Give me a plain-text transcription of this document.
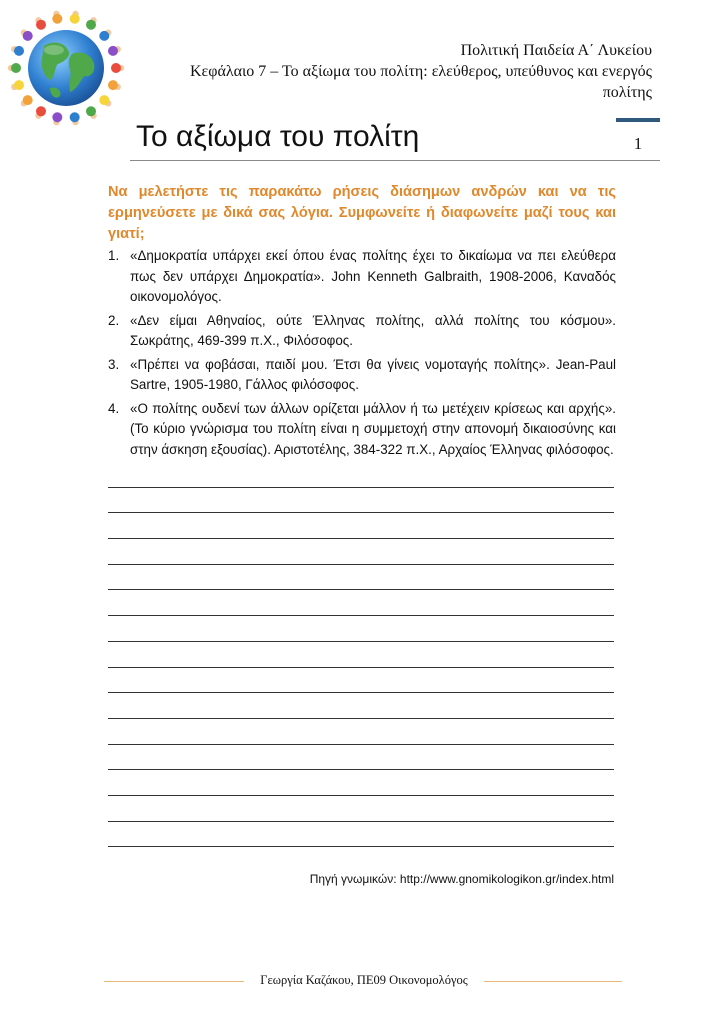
Πολιτική Παιδεία Α΄ Λυκείου
Κεφάλαιο 7 – Το αξίωμα του πολίτη: ελεύθερος, υπεύθυνος και ενεργός
πολίτης
Το αξίωμα του πολίτη	1
Να μελετήστε τις παρακάτω ρήσεις διάσημων ανδρών και να τις ερμηνεύσετε με δικά σας λόγια. Συμφωνείτε ή διαφωνείτε μαζί τους και γιατί;
1. «Δημοκρατία υπάρχει εκεί όπου ένας πολίτης έχει το δικαίωμα να πει ελεύθερα πως δεν υπάρχει Δημοκρατία». John Kenneth Galbraith, 1908-2006, Καναδός οικονομολόγος.
2. «Δεν είμαι Αθηναίος, ούτε Έλληνας πολίτης, αλλά πολίτης του κόσμου». Σωκράτης, 469-399 π.Χ., Φιλόσοφος.
3. «Πρέπει να φοβάσαι, παιδί μου. Έτσι θα γίνεις νομοταγής πολίτης». Jean-Paul Sartre, 1905-1980, Γάλλος φιλόσοφος.
4. «Ο πολίτης ουδενί των άλλων ορίζεται μάλλον ή τω μετέχειν κρίσεως και αρχής». (Το κύριο γνώρισμα του πολίτη είναι η συμμετοχή στην απονομή δικαιοσύνης και στην άσκηση εξουσίας). Αριστοτέλης, 384-322 π.Χ., Αρχαίος Έλληνας φιλόσοφος.
Πηγή γνωμικών: http://www.gnomikologikon.gr/index.html
Γεωργία Καζάκου, ΠΕ09 Οικονομολόγος
